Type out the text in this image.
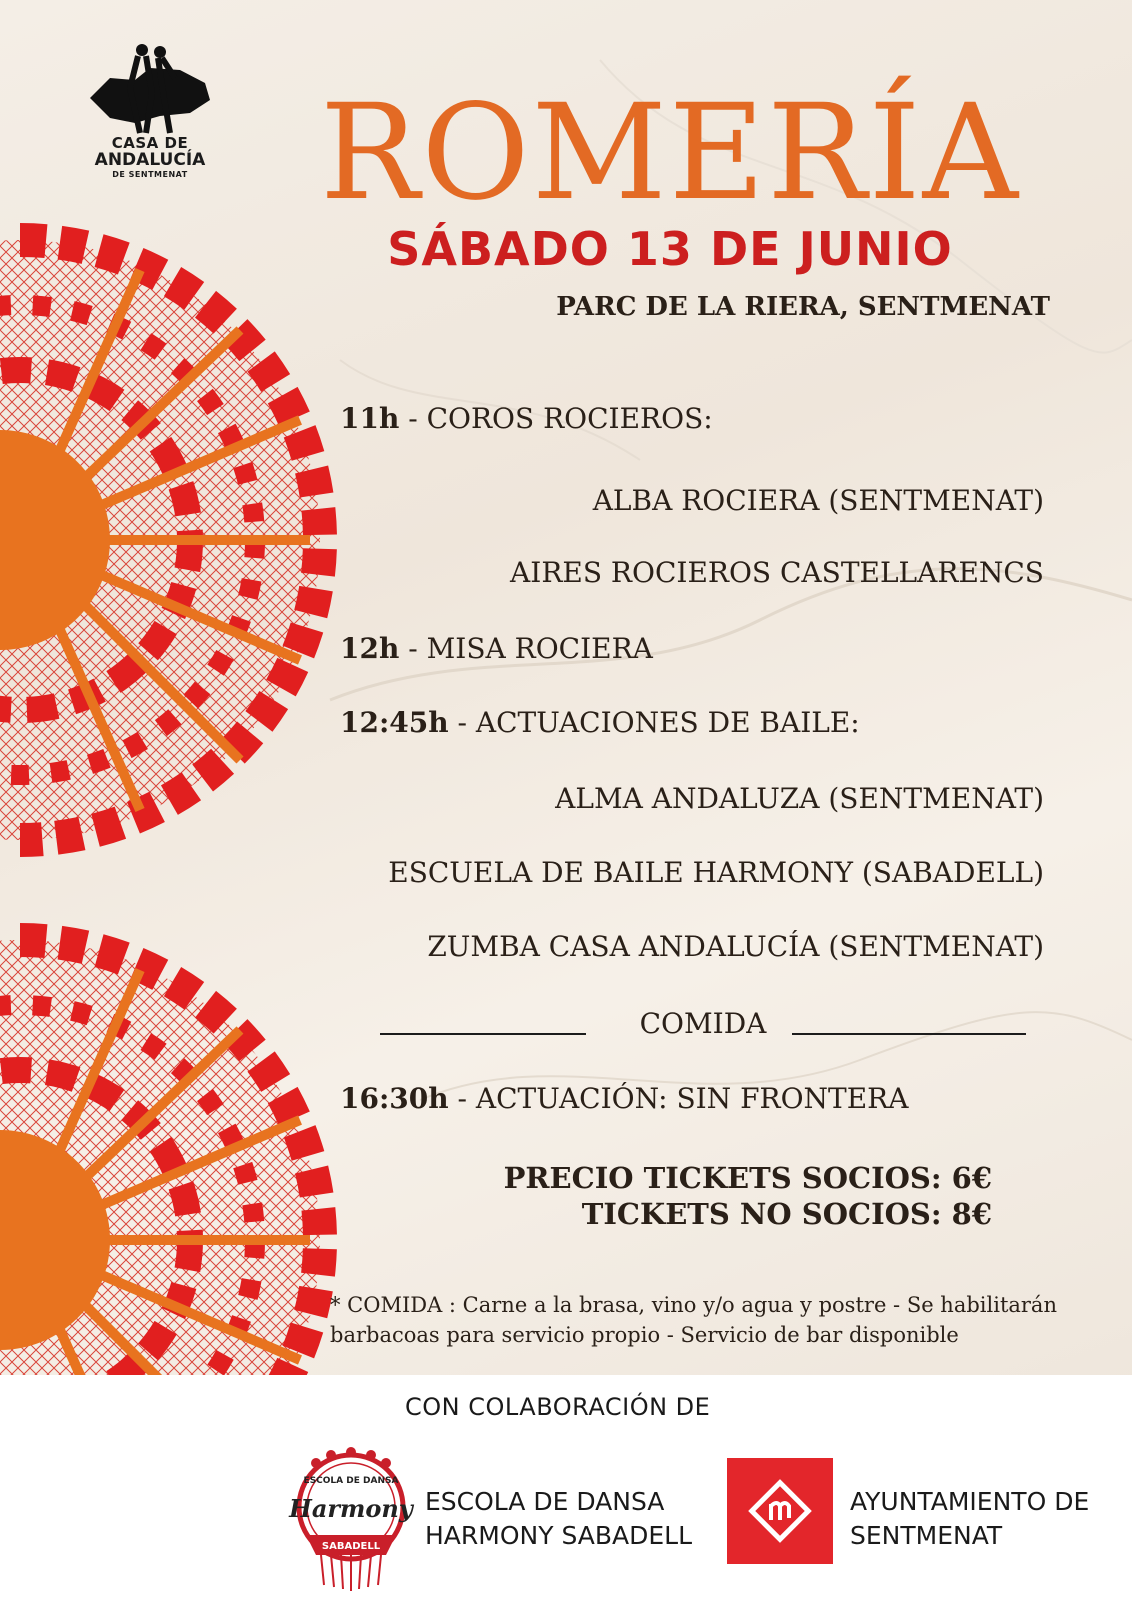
CASA DE
ANDALUCÍA
DE SENTMENAT ROMERÍA
SÁBADO 13 DE JUNIO
PARC DE LA RIERA, SENTMENAT
11h - COROS ROCIEROS:
ALBA ROCIERA (SENTMENAT)
AIRES ROCIEROS CASTELLARENCS
12h - MISA ROCIERA
12:45h - ACTUACIONES DE BAILE:
ALMA ANDALUZA (SENTMENAT)
ESCUELA DE BAILE HARMONY (SABADELL)
ZUMBA CASA ANDALUCÍA (SENTMENAT)
COMIDA
16:30h - ACTUACIÓN: SIN FRONTERA
PRECIO TICKETS SOCIOS: 6€
TICKETS NO SOCIOS: 8€
* COMIDA : Carne a la brasa, vino y/o agua y postre - Se habilitarán
barbacoas para servicio propio - Servicio de bar disponible
CON COLABORACIÓN DE
ESCOLA DE DANSA
Harmony
SABADELL
ESCOLA DE DANSA
HARMONY SABADELL
AYUNTAMIENTO DE
SENTMENAT
